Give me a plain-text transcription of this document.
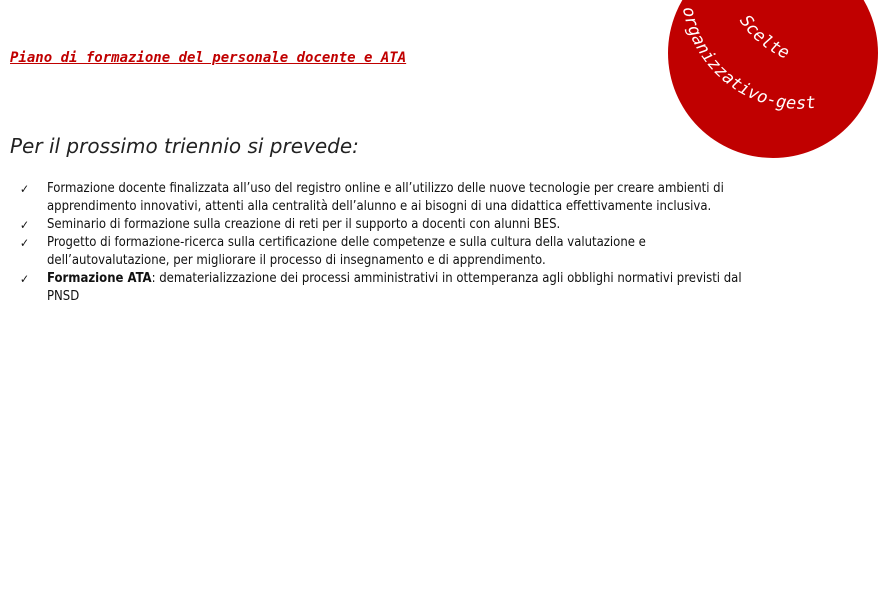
Piano di formazione del personale docente e ATA
Scelte
organizzativo-gest
Per il prossimo triennio si prevede:
✓ Formazione docente finalizzata all’uso del registro online e all’utilizzo delle nuove tecnologie per creare ambienti di apprendimento innovativi, attenti alla centralità dell’alunno e ai bisogni di una didattica effettivamente inclusiva.
✓ Seminario di formazione sulla creazione di reti per il supporto a docenti con alunni BES.
✓ Progetto di formazione-ricerca sulla certificazione delle competenze e sulla cultura della valutazione e dell’autovalutazione, per migliorare il processo di insegnamento e di apprendimento.
✓ Formazione ATA: dematerializzazione dei processi amministrativi in ottemperanza agli obblighi normativi previsti dal PNSD
